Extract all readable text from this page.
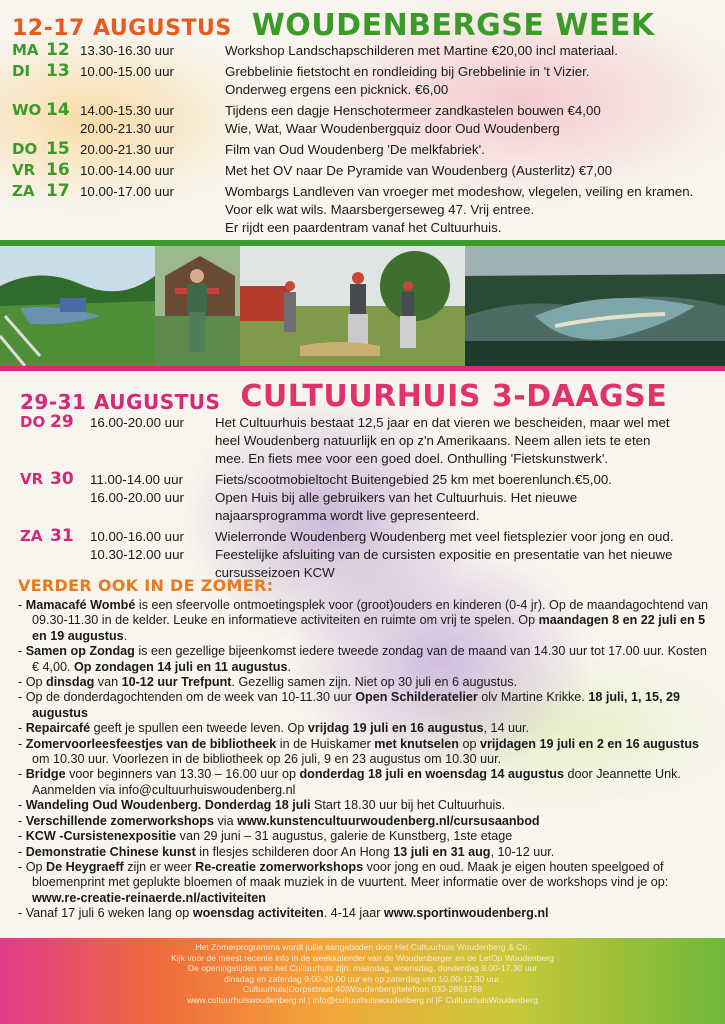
12-17 AUGUSTUS WOUDENBERGSE WEEK
MA 12 13.30-16.30 uur	Workshop Landschapschilderen met Martine €20,00 incl materiaal.
DI 13 10.00-15.00 uur	Grebbelinie fietstocht en rondleiding bij Grebbelinie in 't Vizier.
Onderweg ergens een picknick. €6,00
WO 14 14.00-15.30 uur	Tijdens een dagje Henschotermeer zandkastelen bouwen €4,00
20.00-21.30 uur	Wie, Wat, Waar Woudenbergquiz door Oud Woudenberg
DO 15 20.00-21.30 uur	Film van Oud Woudenberg 'De melkfabriek'.
VR 16 10.00-14.00 uur	Met het OV naar De Pyramide van Woudenberg (Austerlitz) €7,00
ZA 17 10.00-17.00 uur	Wombargs Landleven van vroeger met modeshow, vlegelen, veiling en kramen.
Voor elk wat wils. Maarsbergerseweg 47. Vrij entree.
Er rijdt een paardentram vanaf het Cultuurhuis.
29-31 AUGUSTUS CULTUURHUIS 3-DAAGSE
DO 29	16.00-20.00 uur	Het Cultuurhuis bestaat 12,5 jaar en dat vieren we bescheiden, maar wel met
heel Woudenberg natuurlijk en op z'n Amerikaans. Neem allen iets te eten
mee. En fiets mee voor een goed doel. Onthulling 'Fietskunstwerk'.
VR 30	11.00-14.00 uur	Fiets/scootmobieltocht Buitengebied 25 km met boerenlunch.€5,00.
16.00-20.00 uur	Open Huis bij alle gebruikers van het Cultuurhuis. Het nieuwe
najaarsprogramma wordt live gepresenteerd.
ZA 31	10.00-16.00 uur	Wielerronde Woudenberg Woudenberg met veel fietsplezier voor jong en oud.
10.30-12.00 uur	Feestelijke afsluiting van de cursisten expositie en presentatie van het nieuwe
cursusseizoen KCW
VERDER OOK IN DE ZOMER:
- Mamacafé Wombé is een sfeervolle ontmoetingsplek voor (groot)ouders en kinderen (0-4 jr). Op de maandagochtend van 09.30-11.30 in de kelder. Leuke en informatieve activiteiten en ruimte om vrij te spelen. Op maandagen 8 en 22 juli en 5 en 19 augustus.
- Samen op Zondag is een gezellige bijeenkomst iedere tweede zondag van de maand van 14.30 uur tot 17.00 uur. Kosten € 4,00. Op zondagen 14 juli en 11 augustus.
- Op dinsdag van 10-12 uur Trefpunt. Gezellig samen zijn. Niet op 30 juli en 6 augustus.
- Op de donderdagochtenden om de week van 10-11.30 uur Open Schilderatelier olv Martine Krikke. 18 juli, 1, 15, 29 augustus
- Repaircafé geeft je spullen een tweede leven. Op vrijdag 19 juli en 16 augustus, 14 uur.
- Zomervoorleesfeestjes van de bibliotheek in de Huiskamer met knutselen op vrijdagen 19 juli en 2 en 16 augustus om 10.30 uur. Voorlezen in de bibliotheek op 26 juli, 9 en 23 augustus om 10.30 uur.
- Bridge voor beginners van 13.30 – 16.00 uur op donderdag 18 juli en woensdag 14 augustus door Jeannette Unk. Aanmelden via info@cultuurhuiswoudenberg.nl
- Wandeling Oud Woudenberg. Donderdag 18 juli Start 18.30 uur bij het Cultuurhuis.
- Verschillende zomerworkshops via www.kunstencultuurwoudenberg.nl/cursusaanbod
- KCW -Cursistenexpositie van 29 juni – 31 augustus, galerie de Kunstberg, 1ste etage
- Demonstratie Chinese kunst in flesjes schilderen door An Hong 13 juli en 31 aug, 10-12 uur.
- Op De Heygraeff zijn er weer Re-creatie zomerworkshops voor jong en oud. Maak je eigen houten speelgoed of bloemenprint met geplukte bloemen of maak muziek in de vuurtent. Meer informatie over de workshops vind je op: www.re-creatie-reinaerde.nl/activiteiten
- Vanaf 17 juli 6 weken lang op woensdag activiteiten. 4-14 jaar www.sportinwoudenberg.nl
Het Zomerprogramma wordt jullie aangeboden door Het Cultuurhuis Woudenberg & Co.
Kijk voor de meest recente info in de weekkalender van de Woudenberger en de LetOp Woudenberg
De openingstijden van het Cultuurhuis zijn: maandag, woensdag, donderdag 9.00-17.30 uur
dinsdag en zaterdag 9.00-20.00 uur en op zaterdag van 10.00-12.30 uur.
Cultuurhuis|Dorpsstraat 40|Woudenberg|telefoon 033-2863788
www.cultuurhuiswoudenberg.nl | info@cultuurhuiswoudenberg.nl |F CultuurhuisWoudenberg
